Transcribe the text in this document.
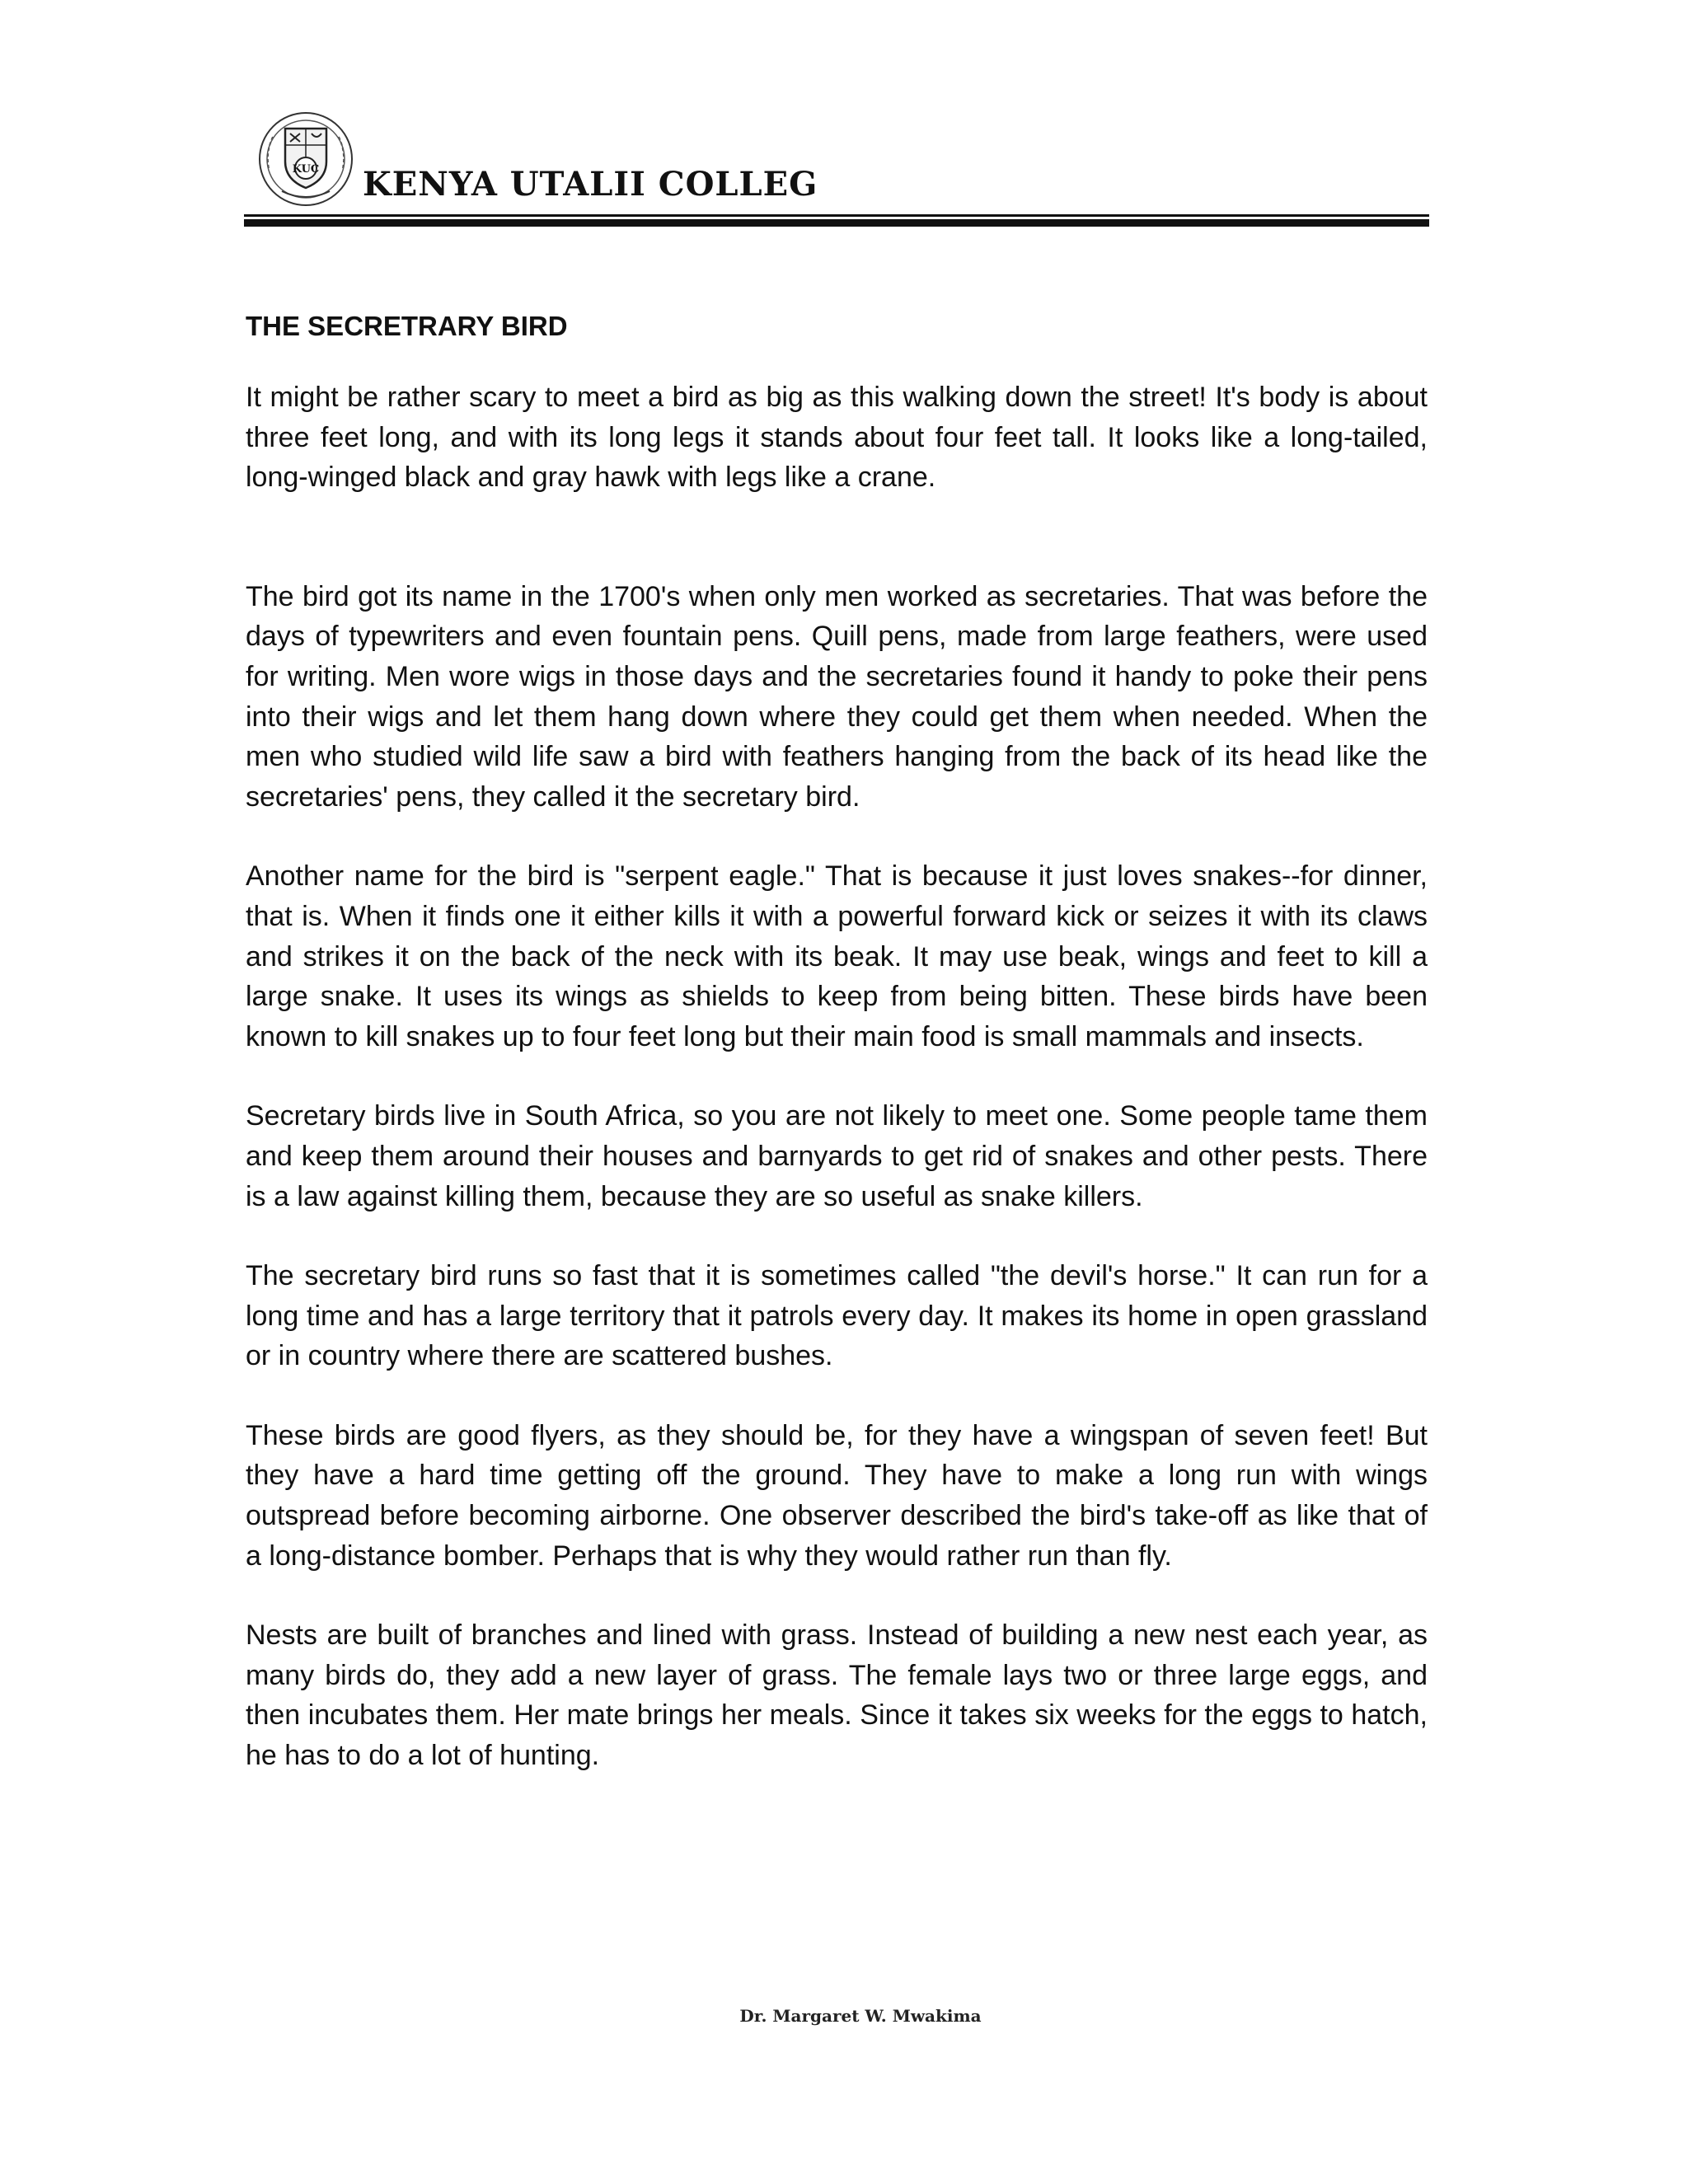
KUC KENYA UTALII COLLEG
THE SECRETRARY BIRD

It might be rather scary to meet a bird as big as this walking down the street! It's body is about three feet long, and with its long legs it stands about four feet tall. It looks like a long-tailed, long-winged black and gray hawk with legs like a crane.

The bird got its name in the 1700's when only men worked as secretaries. That was before the days of typewriters and even fountain pens. Quill pens, made from large feathers, were used for writing. Men wore wigs in those days and the secretaries found it handy to poke their pens into their wigs and let them hang down where they could get them when needed. When the men who studied wild life saw a bird with feathers hanging from the back of its head like the secretaries' pens, they called it the secretary bird.

Another name for the bird is "serpent eagle." That is because it just loves snakes--for dinner, that is. When it finds one it either kills it with a powerful forward kick or seizes it with its claws and strikes it on the back of the neck with its beak. It may use beak, wings and feet to kill a large snake. It uses its wings as shields to keep from being bitten. These birds have been known to kill snakes up to four feet long but their main food is small mammals and insects.

Secretary birds live in South Africa, so you are not likely to meet one. Some people tame them and keep them around their houses and barnyards to get rid of snakes and other pests. There is a law against killing them, because they are so useful as snake killers.

The secretary bird runs so fast that it is sometimes called "the devil's horse." It can run for a long time and has a large territory that it patrols every day. It makes its home in open grassland or in country where there are scattered bushes.

These birds are good flyers, as they should be, for they have a wingspan of seven feet! But they have a hard time getting off the ground. They have to make a long run with wings outspread before becoming airborne. One observer described the bird's take-off as like that of a long-distance bomber. Perhaps that is why they would rather run than fly.

Nests are built of branches and lined with grass. Instead of building a new nest each year, as many birds do, they add a new layer of grass. The female lays two or three large eggs, and then incubates them. Her mate brings her meals. Since it takes six weeks for the eggs to hatch, he has to do a lot of hunting.

Dr. Margaret W. Mwakima
